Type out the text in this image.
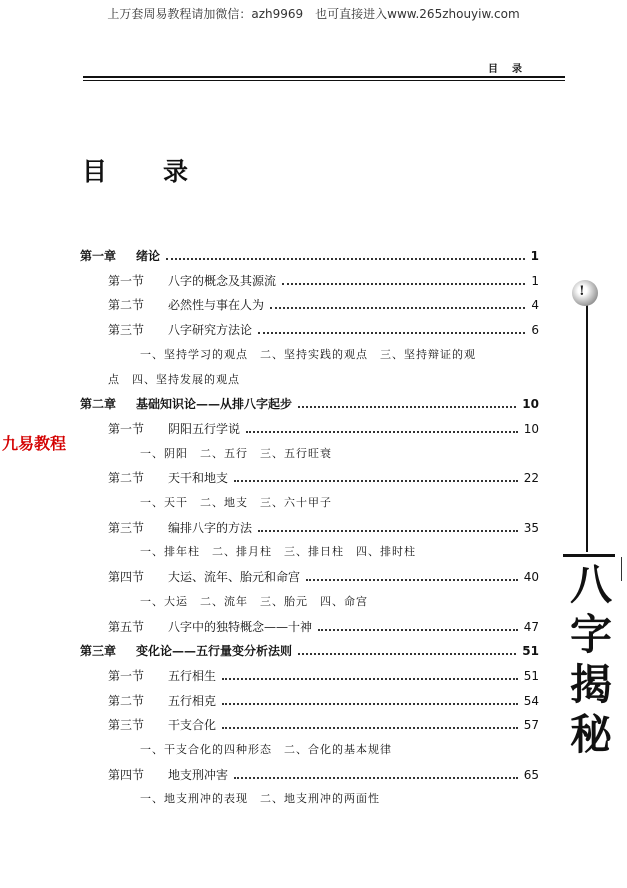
上万套周易教程请加微信：azh9969　也可直接进入www.265zhouyiw.com
目录
目录
第一章 绪论	1
第一节 八字的概念及其源流	1
第二节 必然性与事在人为	4
第三节 八字研究方法论	6
一、坚持学习的观点　二、坚持实践的观点　三、坚持辩证的观
点　四、坚持发展的观点
第二章 基础知识论——从排八字起步	10
第一节 阴阳五行学说	10
一、阴阳　二、五行　三、五行旺衰
第二节 天干和地支	22
一、天干　二、地支　三、六十甲子
第三节 编排八字的方法	35
一、排年柱　二、排月柱　三、排日柱　四、排时柱
第四节 大运、流年、胎元和命宫	40
一、大运　二、流年　三、胎元　四、命宫
第五节 八字中的独特概念——十神	47
第三章 变化论——五行量变分析法则	51
第一节 五行相生	51
第二节 五行相克	54
第三节 干支合化	57
一、干支合化的四种形态　二、合化的基本规律
第四节 地支刑冲害	65
一、地支刑冲的表现　二、地支刑冲的两面性
九易教程
!
八
字
揭
秘
